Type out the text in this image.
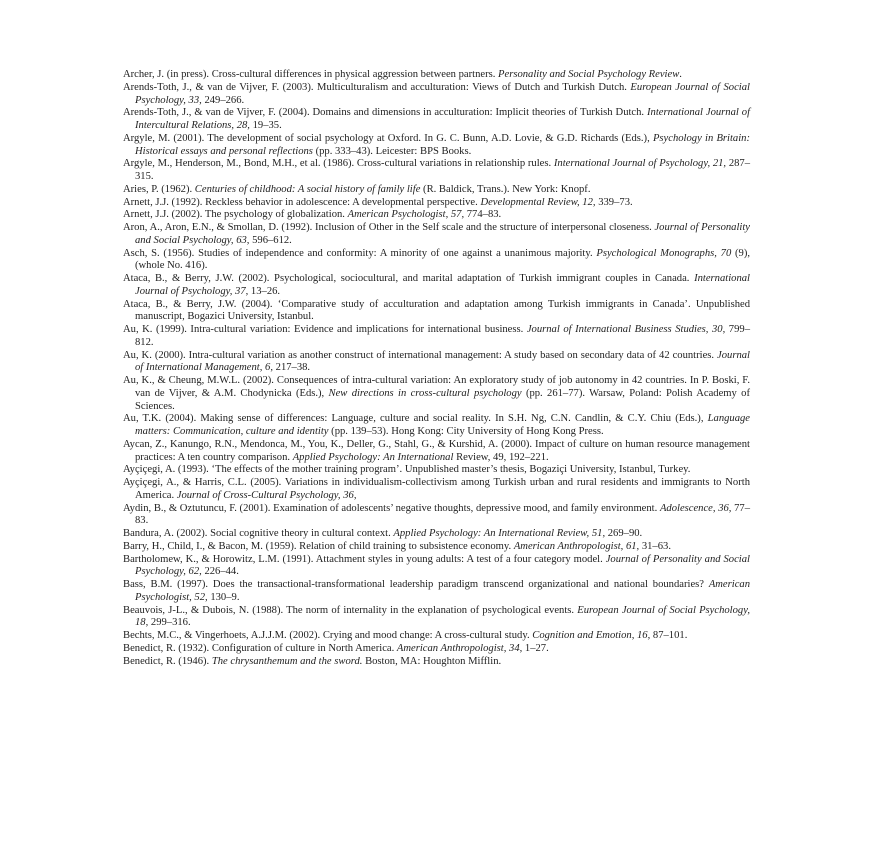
Archer, J. (in press). Cross-cultural differences in physical aggression between partners. Personality and Social Psychology Review.

Arends-Toth, J., & van de Vijver, F. (2003). Multiculturalism and acculturation: Views of Dutch and Turkish Dutch. European Journal of Social Psychology, 33, 249–266.

Arends-Toth, J., & van de Vijver, F. (2004). Domains and dimensions in acculturation: Implicit theories of Turkish Dutch. International Journal of Intercultural Relations, 28, 19–35.

Argyle, M. (2001). The development of social psychology at Oxford. In G. C. Bunn, A.D. Lovie, & G.D. Richards (Eds.), Psychology in Britain: Historical essays and personal reflections (pp. 333–43). Leicester: BPS Books.

Argyle, M., Henderson, M., Bond, M.H., et al. (1986). Cross-cultural variations in relationship rules. International Journal of Psychology, 21, 287–315.

Aries, P. (1962). Centuries of childhood: A social history of family life (R. Baldick, Trans.). New York: Knopf.

Arnett, J.J. (1992). Reckless behavior in adolescence: A developmental perspective. Developmental Review, 12, 339–73.

Arnett, J.J. (2002). The psychology of globalization. American Psychologist, 57, 774–83.

Aron, A., Aron, E.N., & Smollan, D. (1992). Inclusion of Other in the Self scale and the structure of interpersonal closeness. Journal of Personality and Social Psychology, 63, 596–612.

Asch, S. (1956). Studies of independence and conformity: A minority of one against a unanimous majority. Psychological Monographs, 70 (9), (whole No. 416).

Ataca, B., & Berry, J.W. (2002). Psychological, sociocultural, and marital adaptation of Turkish immigrant couples in Canada. International Journal of Psychology, 37, 13–26.

Ataca, B., & Berry, J.W. (2004). ‘Comparative study of acculturation and adaptation among Turkish immigrants in Canada’. Unpublished manuscript, Bogazici University, Istanbul.

Au, K. (1999). Intra-cultural variation: Evidence and implications for international business. Journal of International Business Studies, 30, 799–812.

Au, K. (2000). Intra-cultural variation as another construct of international management: A study based on secondary data of 42 countries. Journal of International Management, 6, 217–38.

Au, K., & Cheung, M.W.L. (2002). Consequences of intra-cultural variation: An exploratory study of job autonomy in 42 countries. In P. Boski, F. van de Vijver, & A.M. Chodynicka (Eds.), New directions in cross-cultural psychology (pp. 261–77). Warsaw, Poland: Polish Academy of Sciences.

Au, T.K. (2004). Making sense of differences: Language, culture and social reality. In S.H. Ng, C.N. Candlin, & C.Y. Chiu (Eds.), Language matters: Communication, culture and identity (pp. 139–53). Hong Kong: City University of Hong Kong Press.

Aycan, Z., Kanungo, R.N., Mendonca, M., You, K., Deller, G., Stahl, G., & Kurshid, A. (2000). Impact of culture on human resource management practices: A ten country comparison. Applied Psychology: An International Review, 49, 192–221.

Ayçiçegi, A. (1993). ‘The effects of the mother training program’. Unpublished master’s thesis, Bogaziçi University, Istanbul, Turkey.

Ayçiçegi, A., & Harris, C.L. (2005). Variations in individualism-collectivism among Turkish urban and rural residents and immigrants to North America. Journal of Cross-Cultural Psychology, 36,

Aydin, B., & Oztutuncu, F. (2001). Examination of adolescents’ negative thoughts, depressive mood, and family environment. Adolescence, 36, 77–83.

Bandura, A. (2002). Social cognitive theory in cultural context. Applied Psychology: An International Review, 51, 269–90.

Barry, H., Child, I., & Bacon, M. (1959). Relation of child training to subsistence economy. American Anthropologist, 61, 31–63.

Bartholomew, K., & Horowitz, L.M. (1991). Attachment styles in young adults: A test of a four category model. Journal of Personality and Social Psychology, 62, 226–44.

Bass, B.M. (1997). Does the transactional-transformational leadership paradigm transcend organizational and national boundaries? American Psychologist, 52, 130–9.

Beauvois, J-L., & Dubois, N. (1988). The norm of internality in the explanation of psychological events. European Journal of Social Psychology, 18, 299–316.

Bechts, M.C., & Vingerhoets, A.J.J.M. (2002). Crying and mood change: A cross-cultural study. Cognition and Emotion, 16, 87–101.

Benedict, R. (1932). Configuration of culture in North America. American Anthropologist, 34, 1–27.

Benedict, R. (1946). The chrysanthemum and the sword. Boston, MA: Houghton Mifflin.
